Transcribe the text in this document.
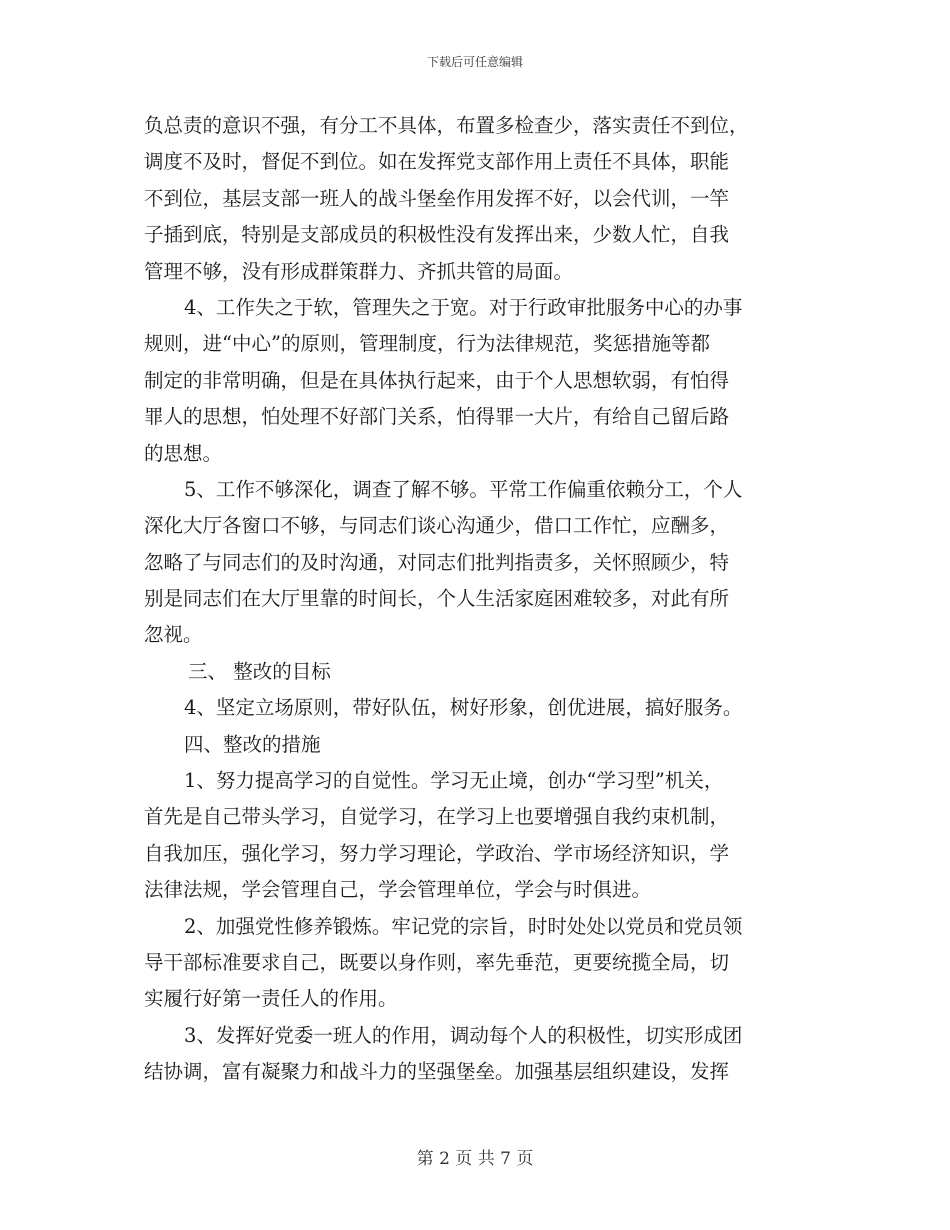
下载后可任意编辑
负总责的意识不强，有分工不具体，布置多检查少，落实责任不到位，
调度不及时，督促不到位。如在发挥党支部作用上责任不具体，职能
不到位，基层支部一班人的战斗堡垒作用发挥不好，以会代训，一竿
子插到底，特别是支部成员的积极性没有发挥出来，少数人忙，自我
管理不够，没有形成群策群力、齐抓共管的局面。
4、工作失之于软，管理失之于宽。对于行政审批服务中心的办事
规则，进“中心”的原则，管理制度，行为法律规范，奖惩措施等都
制定的非常明确，但是在具体执行起来，由于个人思想软弱，有怕得
罪人的思想，怕处理不好部门关系，怕得罪一大片，有给自己留后路
的思想。
5、工作不够深化，调查了解不够。平常工作偏重依赖分工，个人
深化大厅各窗口不够，与同志们谈心沟通少，借口工作忙，应酬多，
忽略了与同志们的及时沟通，对同志们批判指责多，关怀照顾少，特
别是同志们在大厅里靠的时间长，个人生活家庭困难较多，对此有所
忽视。
三、 整改的目标
4、坚定立场原则，带好队伍，树好形象，创优进展，搞好服务。
四、整改的措施
1、努力提高学习的自觉性。学习无止境，创办“学习型”机关，
首先是自己带头学习，自觉学习，在学习上也要增强自我约束机制，
自我加压，强化学习，努力学习理论，学政治、学市场经济知识，学
法律法规，学会管理自己，学会管理单位，学会与时俱进。
2、加强党性修养锻炼。牢记党的宗旨，时时处处以党员和党员领
导干部标准要求自己，既要以身作则，率先垂范，更要统揽全局，切
实履行好第一责任人的作用。
3、发挥好党委一班人的作用，调动每个人的积极性，切实形成团
结协调，富有凝聚力和战斗力的坚强堡垒。加强基层组织建设，发挥
第 2 页 共 7 页
